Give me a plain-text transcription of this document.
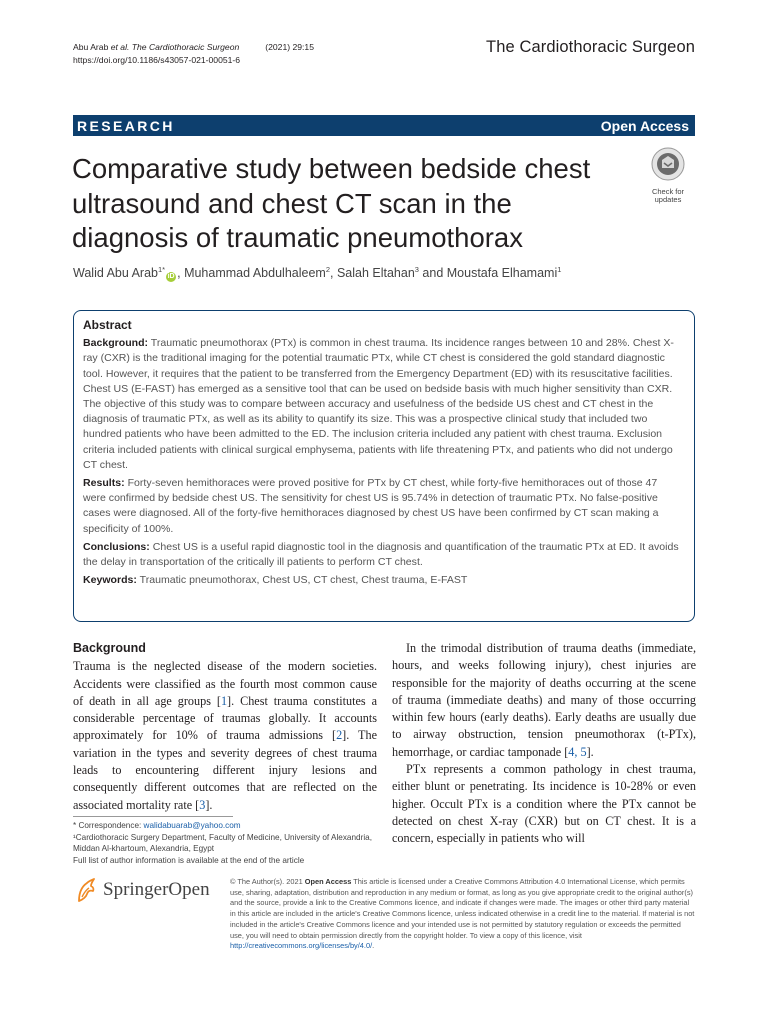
Abu Arab et al. The Cardiothoracic Surgeon	(2021) 29:15
https://doi.org/10.1186/s43057-021-00051-6
The Cardiothoracic Surgeon
RESEARCH	Open Access
Comparative study between bedside chest ultrasound and chest CT scan in the diagnosis of traumatic pneumothorax
Check for updates
Walid Abu Arab$^{1*}$iD , Muhammad Abdulhaleem$^2$, Salah Eltahan$^3$ and Moustafa Elhamami$^1$
Abstract

Background: Traumatic pneumothorax (PTx) is common in chest trauma. Its incidence ranges between 10 and 28%. Chest X-ray (CXR) is the traditional imaging for the potential traumatic PTx, while CT chest is considered the gold standard diagnostic tool. However, it requires that the patient to be transferred from the Emergency Department (ED) with its resuscitative facilities. Chest US (E-FAST) has emerged as a sensitive tool that can be used on bedside basis with much higher sensitivity than CXR. The objective of this study was to compare between accuracy and usefulness of the bedside US chest and CT chest in the diagnosis of traumatic PTx, as well as its ability to quantify its size. This was a prospective clinical study that included two hundred patients who have been admitted to the ED. The inclusion criteria included any patient with chest trauma. Exclusion criteria included patients with clinical surgical emphysema, patients with life threatening PTx, and patients who did not undergo CT chest.

Results: Forty-seven hemithoraces were proved positive for PTx by CT chest, while forty-five hemithoraces out of those 47 were confirmed by bedside chest US. The sensitivity for chest US is 95.74% in detection of traumatic PTx. No false-positive cases were diagnosed. All of the forty-five hemithoraces diagnosed by chest US have been confirmed by CT scan making a specificity of 100%.

Conclusions: Chest US is a useful rapid diagnostic tool in the diagnosis and quantification of the traumatic PTx at ED. It avoids the delay in transportation of the critically ill patients to perform CT chest.

Keywords: Traumatic pneumothorax, Chest US, CT chest, Chest trauma, E-FAST

Background

Trauma is the neglected disease of the modern societies. Accidents were classified as the fourth most common cause of death in all age groups [1]. Chest trauma constitutes a considerable percentage of traumas globally. It accounts approximately for 10% of trauma admissions [2]. The variation in the types and severity degrees of chest trauma leads to encountering different injury lesions and consequently different outcomes that are reflected on the associated mortality rate [3].

In the trimodal distribution of trauma deaths (immediate, hours, and weeks following injury), chest injuries are responsible for the majority of deaths occurring at the scene of trauma (immediate deaths) and many of those occurring within few hours (early deaths). Early deaths are usually due to airway obstruction, tension pneumothorax (t-PTx), hemorrhage, or cardiac tamponade [4, 5].

PTx represents a common pathology in chest trauma, either blunt or penetrating. Its incidence is 10-28% or even higher. Occult PTx is a condition where the PTx cannot be detected on chest X-ray (CXR) but on CT chest. It is a concern, especially in patients who will

* Correspondence: walidabuarab@yahoo.com
¹Cardiothoracic Surgery Department, Faculty of Medicine, University of Alexandria, Middan Al-khartoum, Alexandria, Egypt
Full list of author information is available at the end of the article
SpringerOpen	© The Author(s). 2021 Open Access This article is licensed under a Creative Commons Attribution 4.0 International License, which permits use, sharing, adaptation, distribution and reproduction in any medium or format, as long as you give appropriate credit to the original author(s) and the source, provide a link to the Creative Commons licence, and indicate if changes were made. The images or other third party material in this article are included in the article's Creative Commons licence, unless indicated otherwise in a credit line to the material. If material is not included in the article's Creative Commons licence and your intended use is not permitted by statutory regulation or exceeds the permitted use, you will need to obtain permission directly from the copyright holder. To view a copy of this licence, visit http://creativecommons.org/licenses/by/4.0/.
